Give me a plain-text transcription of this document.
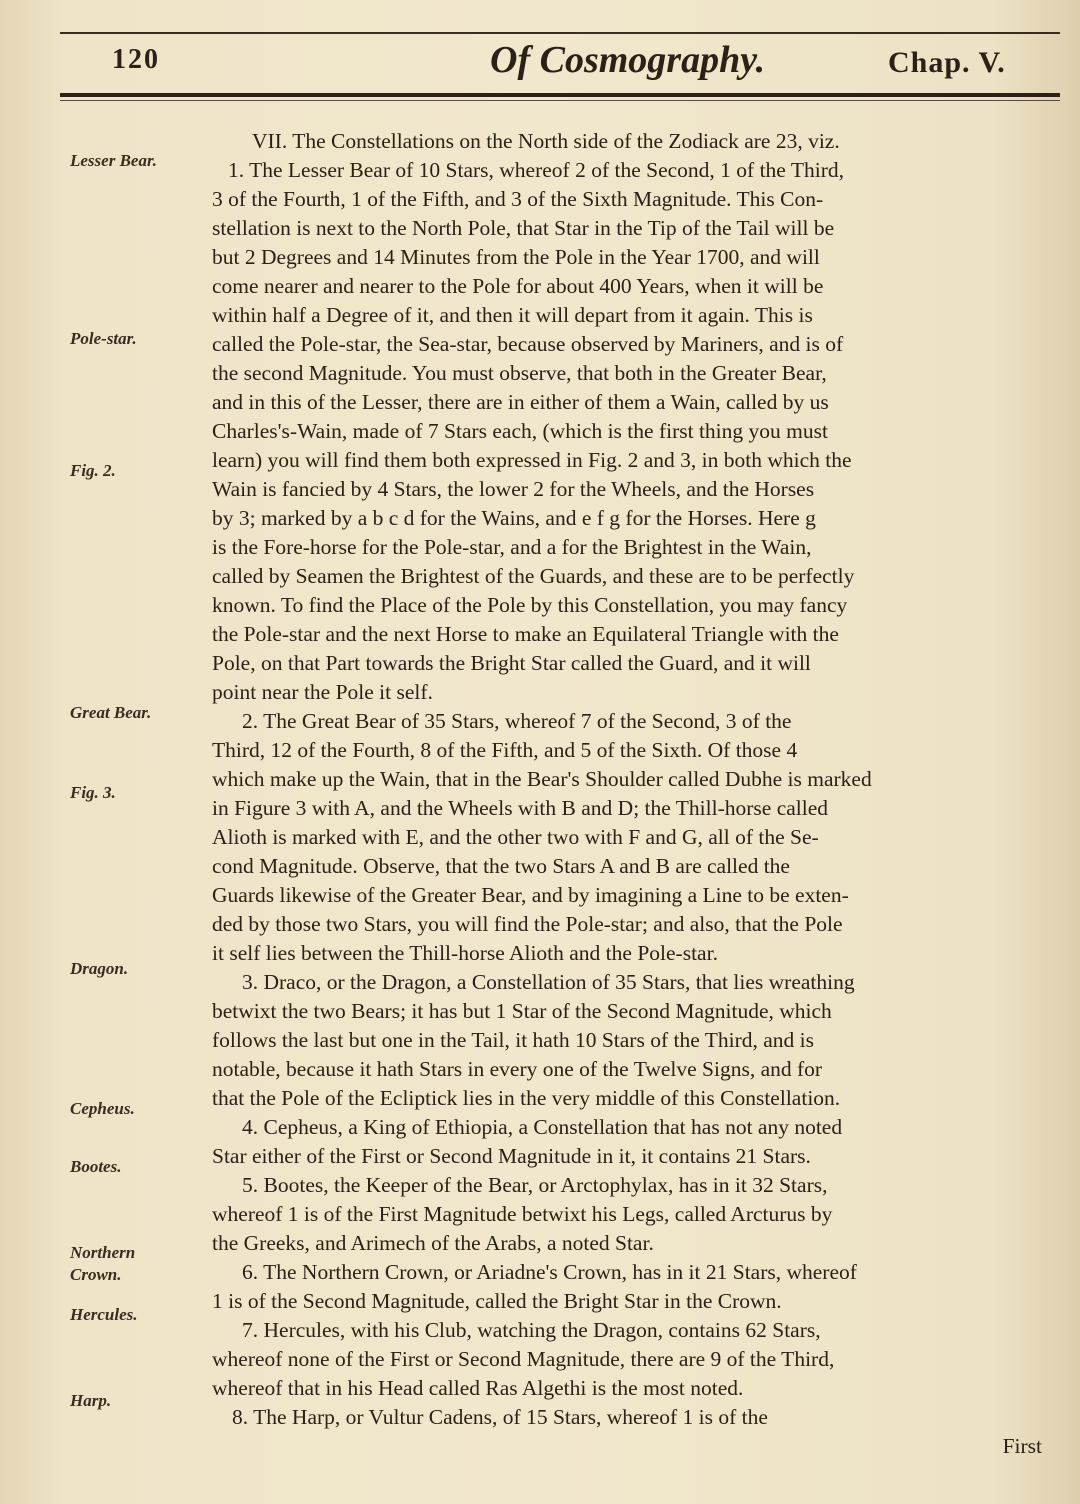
120	Of Cosmography.	Chap. V.
Lesser Bear.
Pole-star.
Fig. 2.
Great Bear.
Fig. 3.
Dragon.
Cepheus.
Bootes.
Northern Crown.
Hercules.
Harp.
VII. The Constellations on the North side of the Zodiack are 23, viz.
1. The Lesser Bear of 10 Stars, whereof 2 of the Second, 1 of the Third,
3 of the Fourth, 1 of the Fifth, and 3 of the Sixth Magnitude. This Con-
stellation is next to the North Pole, that Star in the Tip of the Tail will be
but 2 Degrees and 14 Minutes from the Pole in the Year 1700, and will
come nearer and nearer to the Pole for about 400 Years, when it will be
within half a Degree of it, and then it will depart from it again. This is
called the Pole-star, the Sea-star, because observed by Mariners, and is of
the second Magnitude. You must observe, that both in the Greater Bear,
and in this of the Lesser, there are in either of them a Wain, called by us
Charles's-Wain, made of 7 Stars each, (which is the first thing you must
learn) you will find them both expressed in Fig. 2 and 3, in both which the
Wain is fancied by 4 Stars, the lower 2 for the Wheels, and the Horses
by 3; marked by a b c d for the Wains, and e f g for the Horses. Here g
is the Fore-horse for the Pole-star, and a for the Brightest in the Wain,
called by Seamen the Brightest of the Guards, and these are to be perfectly
known. To find the Place of the Pole by this Constellation, you may fancy
the Pole-star and the next Horse to make an Equilateral Triangle with the
Pole, on that Part towards the Bright Star called the Guard, and it will
point near the Pole it self.
2. The Great Bear of 35 Stars, whereof 7 of the Second, 3 of the
Third, 12 of the Fourth, 8 of the Fifth, and 5 of the Sixth. Of those 4
which make up the Wain, that in the Bear's Shoulder called Dubhe is marked
in Figure 3 with A, and the Wheels with B and D; the Thill-horse called
Alioth is marked with E, and the other two with F and G, all of the Se-
cond Magnitude. Observe, that the two Stars A and B are called the
Guards likewise of the Greater Bear, and by imagining a Line to be exten-
ded by those two Stars, you will find the Pole-star; and also, that the Pole
it self lies between the Thill-horse Alioth and the Pole-star.
3. Draco, or the Dragon, a Constellation of 35 Stars, that lies wreathing
betwixt the two Bears; it has but 1 Star of the Second Magnitude, which
follows the last but one in the Tail, it hath 10 Stars of the Third, and is
notable, because it hath Stars in every one of the Twelve Signs, and for
that the Pole of the Ecliptick lies in the very middle of this Constellation.
4. Cepheus, a King of Ethiopia, a Constellation that has not any noted
Star either of the First or Second Magnitude in it, it contains 21 Stars.
5. Bootes, the Keeper of the Bear, or Arctophylax, has in it 32 Stars,
whereof 1 is of the First Magnitude betwixt his Legs, called Arcturus by
the Greeks, and Arimech of the Arabs, a noted Star.
6. The Northern Crown, or Ariadne's Crown, has in it 21 Stars, whereof
1 is of the Second Magnitude, called the Bright Star in the Crown.
7. Hercules, with his Club, watching the Dragon, contains 62 Stars,
whereof none of the First or Second Magnitude, there are 9 of the Third,
whereof that in his Head called Ras Algethi is the most noted.
8. The Harp, or Vultur Cadens, of 15 Stars, whereof 1 is of the
First
